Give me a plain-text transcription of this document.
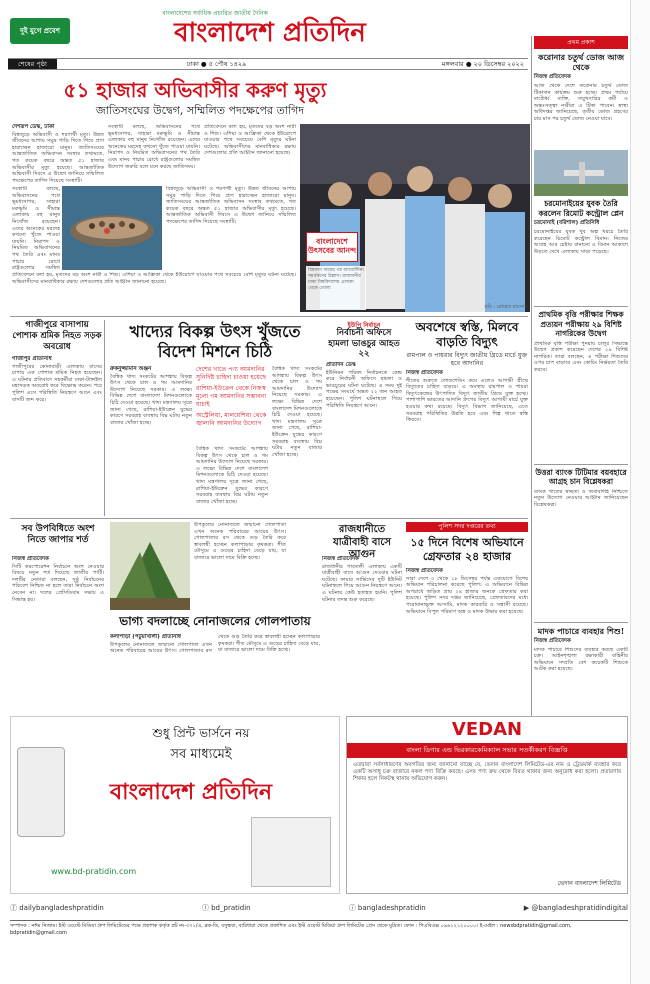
দুই যুগে প্রবেশ
বাংলাদেশের সর্বাধিক প্রচারিত জাতীয় দৈনিক
বাংলাদেশ প্রতিদিন
শেষের পৃষ্ঠা	ঢাকা ● ৫ পৌষ ১৪২৯	মঙ্গলবার ● ২০ ডিসেম্বর ২০২২
৫১ হাজার অভিবাসীর করুণ মৃত্যু
জাতিসংঘের উদ্বেগ, সম্মিলিত পদক্ষেপের তাগিদ
দেশরূপ ডেস্ক, ঢাকা

বিশ্বজুড়ে অভিবাসী ও শরণার্থী মৃত্যু। উন্নত জীবনের আশায় সমুদ্র পাড়ি দিতে গিয়ে প্রাণ হারাচ্ছেন হাজারো মানুষ। জাতিসংঘের আন্তর্জাতিক অভিবাসন সংস্থার তথ্যমতে, গত কয়েক বছরে অন্তত ৫১ হাজার অভিবাসীর মৃত্যু হয়েছে। আন্তর্জাতিক অভিবাসী দিবসে এ উদ্বেগ জানিয়ে সম্মিলিত পদক্ষেপের তাগিদ দিয়েছে সংস্থাটি।

সংস্থাটি বলছে, অভিবাসনের পথে ভূমধ্যসাগর, সাহারা মরুভূমি ও সীমান্ত এলাকায় বহু মানুষ নিখোঁজ রয়েছেন। এদের অনেকের মরদেহ কখনো খুঁজে পাওয়া যায়নি। নিরাপদ ও নিয়মিত অভিবাসনের পথ তৈরি এবং মানব পাচার রোধে রাষ্ট্রগুলোর সমন্বিত উদ্যোগ জরুরি বলে মনে করছে জাতিসংঘ।

প্রতিবেদনে বলা হয়, মৃতদের বড় অংশ নারী ও শিশু। এশিয়া ও আফ্রিকা থেকে ইউরোপে যাওয়ার পথে সবচেয়ে বেশি মৃত্যুর ঘটনা ঘটেছে। অভিবাসীদের মানবাধিকার রক্ষায় দেশগুলোর প্রতি আহ্বান জানানো হয়েছে।

সংস্থাটি বলছে, অভিবাসনের পথে ভূমধ্যসাগর, সাহারা মরুভূমি ও সীমান্ত এলাকায় বহু মানুষ নিখোঁজ রয়েছেন। এদের অনেকের মরদেহ কখনো খুঁজে পাওয়া যায়নি। নিরাপদ ও নিয়মিত অভিবাসনের পথ তৈরি এবং মানব পাচার রোধে রাষ্ট্রগুলোর সমন্বিত

বিশ্বজুড়ে অভিবাসী ও শরণার্থী মৃত্যু। উন্নত জীবনের আশায় সমুদ্র পাড়ি দিতে গিয়ে প্রাণ হারাচ্ছেন হাজারো মানুষ। জাতিসংঘের আন্তর্জাতিক অভিবাসন সংস্থার তথ্যমতে, গত কয়েক বছরে অন্তত ৫১ হাজার অভিবাসীর মৃত্যু হয়েছে। আন্তর্জাতিক অভিবাসী দিবসে এ উদ্বেগ জানিয়ে সম্মিলিত পদক্ষেপের তাগিদ দিয়েছে সংস্থাটি।

প্রতিবেদনে বলা হয়, মৃতদের বড় অংশ নারী ও শিশু। এশিয়া ও আফ্রিকা থেকে ইউরোপে যাওয়ার পথে সবচেয়ে বেশি মৃত্যুর ঘটনা ঘটেছে। অভিবাসীদের মানবাধিকার রক্ষায় দেশগুলোর প্রতি আহ্বান জানানো হয়েছে।

বাংলাদেশে উৎসবের আনন্দ
বিশ্বকাপ জয়ের পর আর্জেন্টিনা সমর্থকদের উল্লাস। রাজধানীর ঢাকা বিশ্ববিদ্যালয় এলাকা থেকে তোলা
ছবি : রোহেত রাসেল
প্রথম প্রকাশ
করোনার চতুর্থ ডোজ আজ থেকে
নিজস্ব প্রতিবেদক
আজ থেকে দেশে করোনার চতুর্থ ডোজ টিকাদান কার্যক্রম শুরু হচ্ছে। প্রথম পর্যায়ে ষাটোর্ধ্ব ব্যক্তি, সম্মুখসারির কর্মী ও অন্তঃসত্ত্বা নারীরা এ টিকা পাবেন। স্বাস্থ্য অধিদপ্তর জানিয়েছে, তৃতীয় ডোজ গ্রহণের চার মাস পর চতুর্থ ডোজ নেওয়া যাবে।
চরমোনাইয়ের যুবক তৈরি করলেন রিমোট কন্ট্রোল প্লেন
চরমোনাই (বরিশাল) প্রতিনিধি
চরমোনাইয়ের যুবক খুব অল্প খরচে তৈরি করেছেন রিমোট কন্ট্রোল বিমান। নিজের আগ্রহ আর চেষ্টায় বানানো এ বিমান আকাশে উড়তে দেখে এলাকায় সাড়া পড়েছে।
প্রাথমিক বৃত্তি পরীক্ষার শিক্ষক প্রত্যয়ন পরীক্ষায় ২৯ বিশিষ্ট নাগরিকের উদ্বেগ
প্রাথমিক বৃত্তি পরীক্ষা পুনরায় চালুর সিদ্ধান্তে উদ্বেগ প্রকাশ করেছেন দেশের ২৯ বিশিষ্ট নাগরিক। তারা বলছেন, এ পরীক্ষা শিশুদের ওপর চাপ বাড়াবে এবং কোচিং নির্ভরতা তৈরি করবে।
উত্তরা ব্যাংক টিটিমার বয়বহারে আগ্রহ চান বিশ্লেষকরা
ব্যাংক খাতের স্বচ্ছতা ও জবাবদিহি নিশ্চিতে নতুন উদ্যোগ নেওয়ার আহ্বান জানিয়েছেন বিশ্লেষকরা।
মাদক পাচারে ব্যবহার শিশু!
নিজস্ব প্রতিবেদক
মাদক পাচারে শিশুদের ব্যবহার করছে একটি চক্র। আইনশৃঙ্খলা রক্ষাকারী বাহিনীর অভিযানে সম্প্রতি বেশ কয়েকটি শিশুকে আটক করা হয়েছে।
গাজীপুরে বাসাপায় পোশাক শ্রমিক নিহত সড়ক অবরোধ
গাজীপুর প্রতিনিধি

গাজীপুরের কোনাবাড়ী এলাকায় বাসের চাপায় এক পোশাক শ্রমিক নিহত হয়েছেন। এ ঘটনার প্রতিবাদে সহকর্মীরা ঢাকা-টাঙ্গাইল মহাসড়ক অবরোধ করে বিক্ষোভ করেন। পরে পুলিশ এসে পরিস্থিতি নিয়ন্ত্রণে আনে এবং বাসটি জব্দ করে।

খাদ্যের বিকল্প উৎস খুঁজতে বিদেশ মিশনে চিঠি
রুকনুজ্জামান অঞ্জন

বৈশ্বিক খাদ্য সংকটের আশঙ্কায় বিকল্প উৎস থেকে চাল ও গম আমদানির উদ্যোগ নিয়েছে সরকার। এ লক্ষ্যে বিভিন্ন দেশে বাংলাদেশ মিশনগুলোকে চিঠি দেওয়া হয়েছে। খাদ্য মন্ত্রণালয় সূত্রে জানা গেছে, রাশিয়া-ইউক্রেন যুদ্ধের কারণে সরবরাহ ব্যবস্থায় বিঘ্ন ঘটায় নতুন বাজার খোঁজা হচ্ছে।

দেশের খাতে পণ্য আমদানির সুনির্দিষ্ট চাহিদা চাওয়া হয়েছে
রাশিয়া-ইউক্রেন থেকে নিজস্ব মূল্যে গম আমদানির সম্ভাবনা যাচাই
অস্ট্রেলিয়া, মালয়েশিয়া থেকে জ্বালানি আমদানির উদ্যোগ

বৈশ্বিক খাদ্য সংকটের আশঙ্কায় বিকল্প উৎস থেকে চাল ও গম আমদানির উদ্যোগ নিয়েছে সরকার। এ লক্ষ্যে বিভিন্ন দেশে বাংলাদেশ মিশনগুলোকে চিঠি দেওয়া হয়েছে। খাদ্য মন্ত্রণালয় সূত্রে জানা গেছে, রাশিয়া-ইউক্রেন যুদ্ধের কারণে সরবরাহ ব্যবস্থায় বিঘ্ন ঘটায় নতুন বাজার খোঁজা হচ্ছে।

বৈশ্বিক খাদ্য সংকটের আশঙ্কায় বিকল্প উৎস থেকে চাল ও গম আমদানির উদ্যোগ নিয়েছে সরকার। এ লক্ষ্যে বিভিন্ন দেশে বাংলাদেশ মিশনগুলোকে চিঠি দেওয়া হয়েছে। খাদ্য মন্ত্রণালয় সূত্রে জানা গেছে, রাশিয়া-ইউক্রেন যুদ্ধের কারণে সরবরাহ ব্যবস্থায় বিঘ্ন ঘটায় নতুন বাজার খোঁজা হচ্ছে।

ইউপি নির্বাচন
নির্বাচনী অফিসে হামলা ভাঙচুর আহত ২২
প্রতিদিন ডেস্ক

ইউনিয়ন পরিষদ নির্বাচনকে কেন্দ্র করে নির্বাচনী অফিসে হামলা ও ভাঙচুরের ঘটনা ঘটেছে। এ সময় দুই পক্ষের সংঘর্ষে অন্তত ২২ জন আহত হয়েছেন। পুলিশ ঘটনাস্থলে গিয়ে পরিস্থিতি নিয়ন্ত্রণে আনে।

অবশেষে স্বস্তি, মিলবে বাড়তি বিদ্যুৎ
রামপাল ও পায়রার বিদ্যুৎ জাতীয় গ্রিডে মার্চে যুক্ত হবে আদানির
নিজস্ব প্রতিবেদক

শীতের শুরুতে লোডশেডিং কমে এলেও আগামী গ্রীষ্মে বিদ্যুতের চাহিদা বাড়বে। এ অবস্থায় রামপাল ও পায়রা বিদ্যুৎকেন্দ্রের উৎপাদিত বিদ্যুৎ জাতীয় গ্রিডে যুক্ত হচ্ছে। পাশাপাশি ভারতের আদানি গ্রুপের বিদ্যুৎ আগামী মার্চে যুক্ত হওয়ার কথা রয়েছে। বিদ্যুৎ বিভাগ জানিয়েছে, এতে সরবরাহ পরিস্থিতির উন্নতি হবে এবং শিল্প খাতে স্বস্তি ফিরবে।

সব উপবিধিতে অংশ নিতে জাপার শর্ত
নিজস্ব প্রতিবেদক

সিটি করপোরেশন নির্বাচনে অংশ নেওয়ার বিষয়ে নতুন শর্ত দিয়েছে জাতীয় পার্টি। দলটির নেতারা বলছেন, সুষ্ঠু নির্বাচনের পরিবেশ নিশ্চিত না হলে তারা নির্বাচনে অংশ নেবেন না। দলের প্রেসিডিয়াম সভায় এ সিদ্ধান্ত হয়।

উপকূলের নোনাজলে জন্মানো গোলপাতা এখন অনেক পরিবারের আয়ের উৎস। গোলপাতার রস থেকে গুড় তৈরি করে স্বাবলম্বী হচ্ছেন কলাপাড়ার কৃষকরা। শীত মৌসুমে এ গুড়ের চাহিদা বেড়ে যায়, যা বাজারে ভালো দামে বিক্রি হচ্ছে।

ভাগ্য বদলাচ্ছে নোনাজলের গোলপাতায়
কলাপাড়া (পটুয়াখালী) প্রতিনিধি

উপকূলের নোনাজলে জন্মানো গোলপাতা এখন অনেক পরিবারের আয়ের উৎস। গোলপাতার রস থেকে গুড় তৈরি করে স্বাবলম্বী হচ্ছেন কলাপাড়ার কৃষকরা। শীত মৌসুমে এ গুড়ের চাহিদা বেড়ে যায়, যা বাজারে ভালো দামে বিক্রি হচ্ছে।

রাজধানীতে যাত্রীবাহী বাসে আগুন
নিজস্ব প্রতিবেদক

রাজধানীর গাবতলী এলাকায় একটি যাত্রীবাহী বাসে আগুন দেওয়ার ঘটনা ঘটেছে। ফায়ার সার্ভিসের দুটি ইউনিট ঘটনাস্থলে গিয়ে আগুন নিয়ন্ত্রণে আনে। এ ঘটনায় কেউ হতাহত হয়নি। পুলিশ ঘটনার তদন্ত শুরু করেছে।

পুলিশ সদর দপ্তরের তথ্য
১৫ দিনে বিশেষ অভিযানে গ্রেফতার ২৪ হাজার
নিজস্ব প্রতিবেদক

সারা দেশে ৩ থেকে ১৮ ডিসেম্বর পর্যন্ত একযোগে বিশেষ অভিযান পরিচালনা করেছে পুলিশ। এ অভিযানে বিভিন্ন অপরাধে জড়িত প্রায় ২৪ হাজার জনকে গ্রেফতার করা হয়েছে। পুলিশ সদর দপ্তর জানিয়েছে, গ্রেফতারদের মধ্যে পরোয়ানাভুক্ত আসামি, মাদক কারবারি ও সন্ত্রাসী রয়েছে। অভিযানে বিপুল পরিমাণ অস্ত্র ও মাদক উদ্ধার করা হয়েছে।

শুধু প্রিন্ট ভার্সনে নয়
সব মাধ্যমেই
বাংলাদেশ প্রতিদিন
www.bd-pratidin.com
VEDAN
বাংলা ডিগার এন্ড ভিরকারকেমিক্যাল সভার সতর্কীকরণ বিজ্ঞপ্তি
এতদ্বারা সর্বসাধারণের অবগতির জন্য জানানো যাচ্ছে যে, ভেদান বাংলাদেশ লিমিটেড-এর নাম ও ট্রেডমার্ক ব্যবহার করে একটি অসাধু চক্র বাজারে নকল পণ্য বিক্রি করছে। এসব পণ্য ক্রয় থেকে বিরত থাকার জন্য অনুরোধ করা হলো। প্রতারণার শিকার হলে নিকটস্থ থানায় অভিযোগ করুন।
ভেদান বাংলাদেশ লিমিটেড
ⓕ dailybangladeshpratidin	ⓣ bd_pratidin	ⓘ bangladeshpratidin	▶ @bangladeshpratidindigital
সম্পাদক : নঈম নিজাম। ইস্ট ওয়েস্ট মিডিয়া গ্রুপ লিমিটেডের পক্ষে প্রকাশক কর্তৃক প্লট নং-৩৭১/এ, ব্লক-ডি, বসুন্ধরা, বারিধারা থেকে প্রকাশিত এবং ইস্ট ওয়েস্ট মিডিয়া গ্রুপ লিমিটেড প্রেস থেকে মুদ্রিত। ফোন : পিএবিএক্স ০৯৬১২১২০০০০। ই-মেইল : newsbdpratidin@gmail.com, bdpratidin@gmail.com
